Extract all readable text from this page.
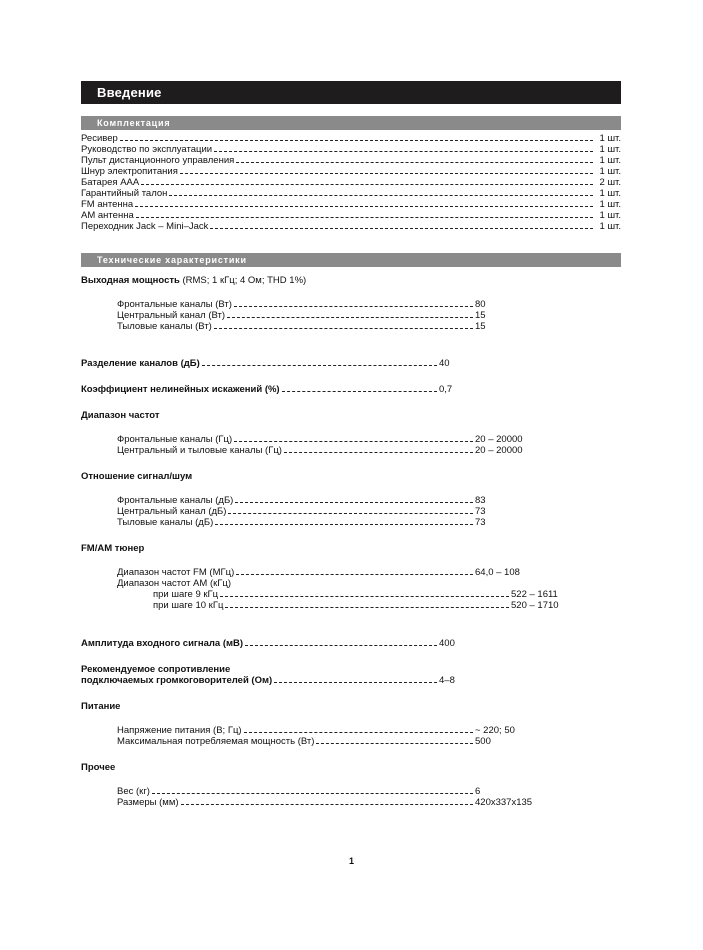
Введение
Комплектация
Ресивер	1 шт.
Руководство по эксплуатации	1 шт.
Пульт дистанционного управления	1 шт.
Шнур электропитания	1 шт.
Батарея AAA	2 шт.
Гарантийный талон	1 шт.
FM антенна	1 шт.
AM антенна	1 шт.
Переходник Jack – Mini–Jack	1 шт.
Технические характеристики
Выходная мощность (RMS; 1 кГц; 4 Ом; THD 1%)
Фронтальные каналы (Вт)	80
Центральный канал (Вт)	15
Тыловые каналы (Вт)	15
Разделение каналов (дБ)	40
Коэффициент нелинейных искажений (%)	0,7
Диапазон частот
Фронтальные каналы (Гц)	20 – 20000
Центральный и тыловые каналы (Гц)	20 – 20000
Отношение сигнал/шум
Фронтальные каналы (дБ)	83
Центральный канал (дБ)	73
Тыловые каналы (дБ)	73
FM/AM тюнер
Диапазон частот FM (МГц)	64,0 – 108
Диапазон частот AM (кГц)
при шаге 9 кГц	522 – 1611
при шаге 10 кГц	520 – 1710
Амплитуда входного сигнала (мВ)	400
Рекомендуемое сопротивление
подключаемых громкоговорителей (Ом)	4–8
Питание
Напряжение питания (В; Гц)	~ 220; 50
Максимальная потребляемая мощность (Вт)	500
Прочее
Вес (кг)	6
Размеры (мм)	420x337x135
1
